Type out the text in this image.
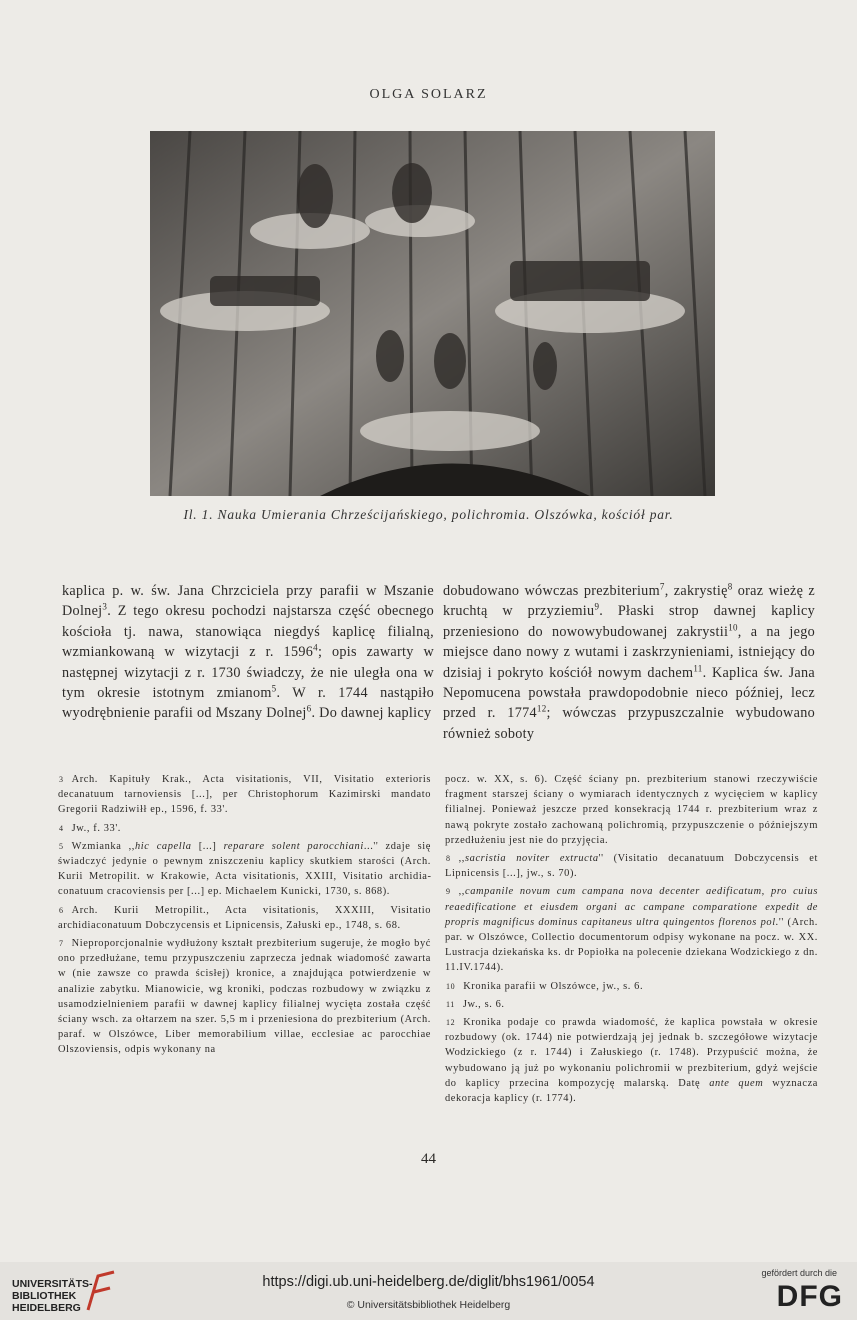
OLGA SOLARZ
Il. 1. Nauka Umierania Chrześcijańskiego, polichromia. Olszówka, kościół par.
kaplica p. w. św. Jana Chrzciciela przy parafii w Mszanie Dolnej$^3$. Z tego okresu pochodzi najstarsza część obecnego kościoła tj. nawa, stanowiąca niegdyś kaplicę filialną, wzmiankowaną w wizytacji z r. 1596$^4$; opis zawarty w następnej wizytacji z r. 1730 świadczy, że nie uległa ona w tym okresie istotnym zmianom$^5$. W r. 1744 nastąpiło wyodrębnienie parafii od Mszany Dolnej$^6$. Do dawnej kaplicy
dobudowano wówczas prezbiterium$^7$, zakrystię$^8$ oraz wieżę z kruchtą w przyziemiu$^9$. Płaski strop dawnej kaplicy przeniesiono do nowowybudowanej zakrystii$^{10}$, a na jego miejsce dano nowy z wutami i zaskrzynieniami, istniejący do dzisiaj i pokryto kościół nowym dachem$^{11}$. Kaplica św. Jana Nepomucena powstała prawdopodobnie nieco później, lecz przed r. 1774$^{12}$; wówczas przypuszczalnie wybudowano również soboty
3 Arch. Kapituły Krak., Acta visitationis, VII, Visitatio exterioris decanatuum tarnoviensis [...], per Christophorum Kazimirski mandato Gregorii Radziwiłł ep., 1596, f. 33'.
4 Jw., f. 33'.
5 Wzmianka ,,hic capella [...] reparare solent parocchiani...'' zdaje się świadczyć jedynie o pewnym zniszczeniu kaplicy skutkiem starości (Arch. Kurii Metropilit. w Krakowie, Acta visitationis, XXIII, Visitatio archidiaconatuum cracoviensis per [...] ep. Michaelem Kunicki, 1730, s. 868).
6 Arch. Kurii Metropilit., Acta visitationis, XXXIII, Visitatio archidiaconatuum Dobczycensis et Lipnicensis, Załuski ep., 1748, s. 68.
7 Nieproporcjonalnie wydłużony kształt prezbiterium sugeruje, że mogło być ono przedłużane, temu przypuszczeniu zaprzecza jednak wiadomość zawarta w (nie zawsze co prawda ścisłej) kronice, a znajdująca potwierdzenie w analizie zabytku. Mianowicie, wg kroniki, podczas rozbudowy w związku z usamodzielnieniem parafii w dawnej kaplicy filialnej wycięta została część ściany wsch. za ołtarzem na szer. 5,5 m i przeniesiona do prezbiterium (Arch. paraf. w Olszówce, Liber memorabilium villae, ecclesiae ac parocchiae Olszoviensis, odpis wykonany na
pocz. w. XX, s. 6). Część ściany pn. prezbiterium stanowi rzeczywiście fragment starszej ściany o wymiarach identycznych z wycięciem w kaplicy filialnej. Ponieważ jeszcze przed konsekracją 1744 r. prezbiterium wraz z nawą pokryte zostało zachowaną polichromią, przypuszczenie o późniejszym przedłużeniu jest nie do przyjęcia.
8 ,,sacristia noviter extructa'' (Visitatio decanatuum Dobczycensis et Lipnicensis [...], jw., s. 70).
9 ,,campanile novum cum campana nova decenter aedificatum, pro cuius reaedificatione et eiusdem organi ac campane comparatione expedit de propris magnificus dominus capitaneus ultra quingentos florenos pol.'' (Arch. par. w Olszówce, Collectio documentorum odpisy wykonane na pocz. w. XX. Lustracja dziekańska ks. dr Popiołka na polecenie dziekana Wodzickiego z dn. 11.IV.1744).
10 Kronika parafii w Olszówce, jw., s. 6.
11 Jw., s. 6.
12 Kronika podaje co prawda wiadomość, że kaplica powstała w okresie rozbudowy (ok. 1744) nie potwierdzają jej jednak b. szczegółowe wizytacje Wodzickiego (z r. 1744) i Załuskiego (r. 1748). Przypuścić można, że wybudowano ją już po wykonaniu polichromii w prezbiterium, gdyż wejście do kaplicy przecina kompozycję malarską. Datę ante quem wyznacza dekoracja kaplicy (r. 1774).
44
UNIVERSITÄTS-
BIBLIOTHEK
HEIDELBERG
https://digi.ub.uni-heidelberg.de/diglit/bhs1961/0054
© Universitätsbibliothek Heidelberg
gefördert durch die
DFG
